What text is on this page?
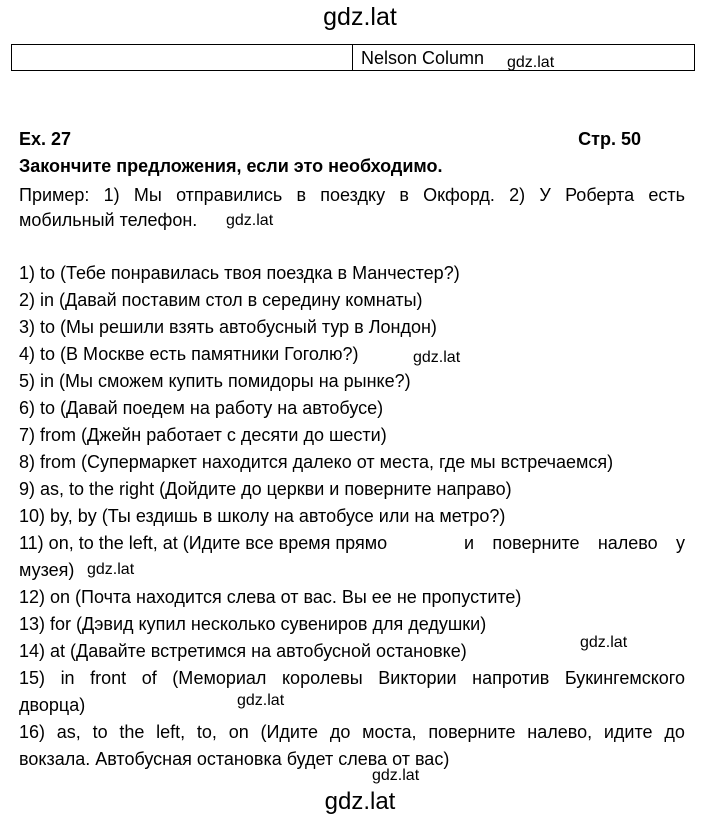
gdz.lat
Nelson Column gdz.lat
Ex. 27	Стр. 50
Закончите предложения, если это необходимо.
Пример: 1) Мы отправились в поездку в Окфорд. 2) У Роберта есть
мобильный телефон. gdz.lat
1) to (Тебе понравилась твоя поездка в Манчестер?)
2) in (Давай поставим стол в середину комнаты)
3) to (Мы решили взять автобусный тур в Лондон)
4) to (В Москве есть памятники Гоголю?)	gdz.lat
5) in (Мы сможем купить помидоры на рынке?)
6) to (Давай поедем на работу на автобусе)
7) from (Джейн работает с десяти до шести)
8) from (Супермаркет находится далеко от места, где мы встречаемся)
9) as, to the right (Дойдите до церкви и поверните направо)
10) by, by (Ты ездишь в школу на автобусе или на метро?)
11) on, to the left, at (Идите все время прямо	и поверните налево у
музея) gdz.lat
12) on (Почта находится слева от вас. Вы ее не пропустите)
13) for (Дэвид купил несколько сувениров для дедушки)
14) at (Давайте встретимся на автобусной остановке)	gdz.lat
15) in front of (Мемориал королевы Виктории напротив Букингемского
дворца)	gdz.lat
16) as, to the left, to, on (Идите до моста, поверните налево, идите до
вокзала. Автобусная остановка будет слева от вас)
gdz.lat
gdz.lat
